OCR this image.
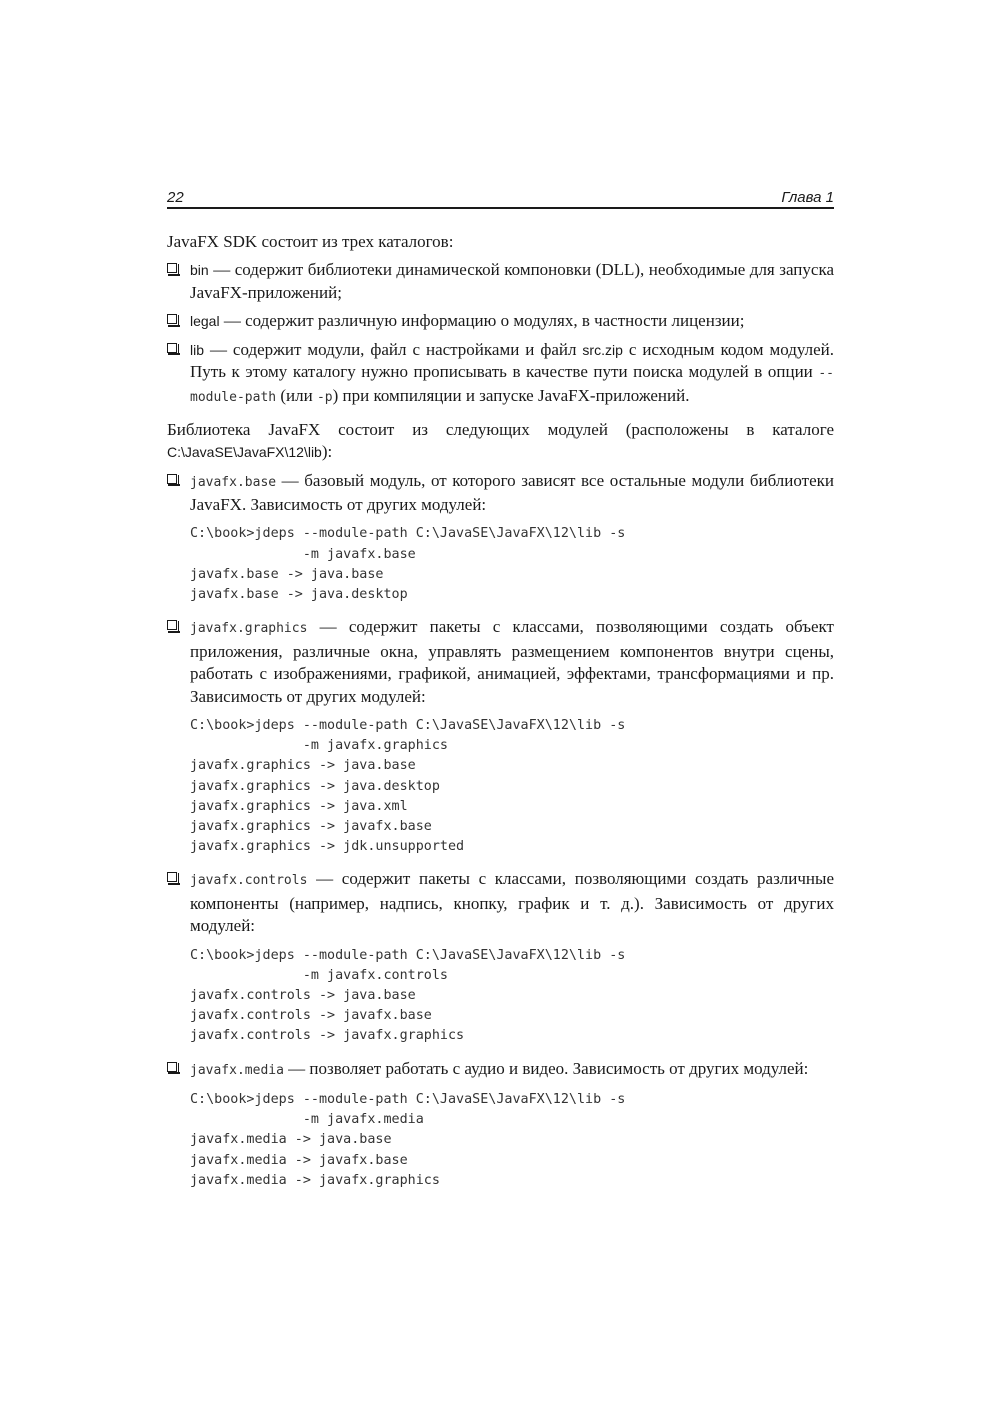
22	Глава 1

JavaFX SDK состоит из трех каталогов:

bin — содержит библиотеки динамической компоновки (DLL), необходимые для запуска JavaFX-приложений;
legal — содержит различную информацию о модулях, в частности лицензии;
lib — содержит модули, файл с настройками и файл src.zip с исходным кодом модулей. Путь к этому каталогу нужно прописывать в качестве пути поиска модулей в опции --module-path (или -p) при компиляции и запуске JavaFX-приложений.

Библиотека JavaFX состоит из следующих модулей (расположены в каталоге C:\JavaSE\JavaFX\12\lib):

javafx.base — базовый модуль, от которого зависят все остальные модули библиотеки JavaFX. Зависимость от других модулей:
C:\book>jdeps --module-path C:\JavaSE\JavaFX\12\lib -s
-m javafx.base
javafx.base -> java.base
javafx.base -> java.desktop
javafx.graphics — содержит пакеты с классами, позволяющими создать объект приложения, различные окна, управлять размещением компонентов внутри сцены, работать с изображениями, графикой, анимацией, эффектами, трансформациями и пр. Зависимость от других модулей:
C:\book>jdeps --module-path C:\JavaSE\JavaFX\12\lib -s
-m javafx.graphics
javafx.graphics -> java.base
javafx.graphics -> java.desktop
javafx.graphics -> java.xml
javafx.graphics -> javafx.base
javafx.graphics -> jdk.unsupported
javafx.controls — содержит пакеты с классами, позволяющими создать различные компоненты (например, надпись, кнопку, график и т. д.). Зависимость от других модулей:
C:\book>jdeps --module-path C:\JavaSE\JavaFX\12\lib -s
-m javafx.controls
javafx.controls -> java.base
javafx.controls -> javafx.base
javafx.controls -> javafx.graphics
javafx.media — позволяет работать с аудио и видео. Зависимость от других модулей:
C:\book>jdeps --module-path C:\JavaSE\JavaFX\12\lib -s
-m javafx.media
javafx.media -> java.base
javafx.media -> javafx.base
javafx.media -> javafx.graphics
